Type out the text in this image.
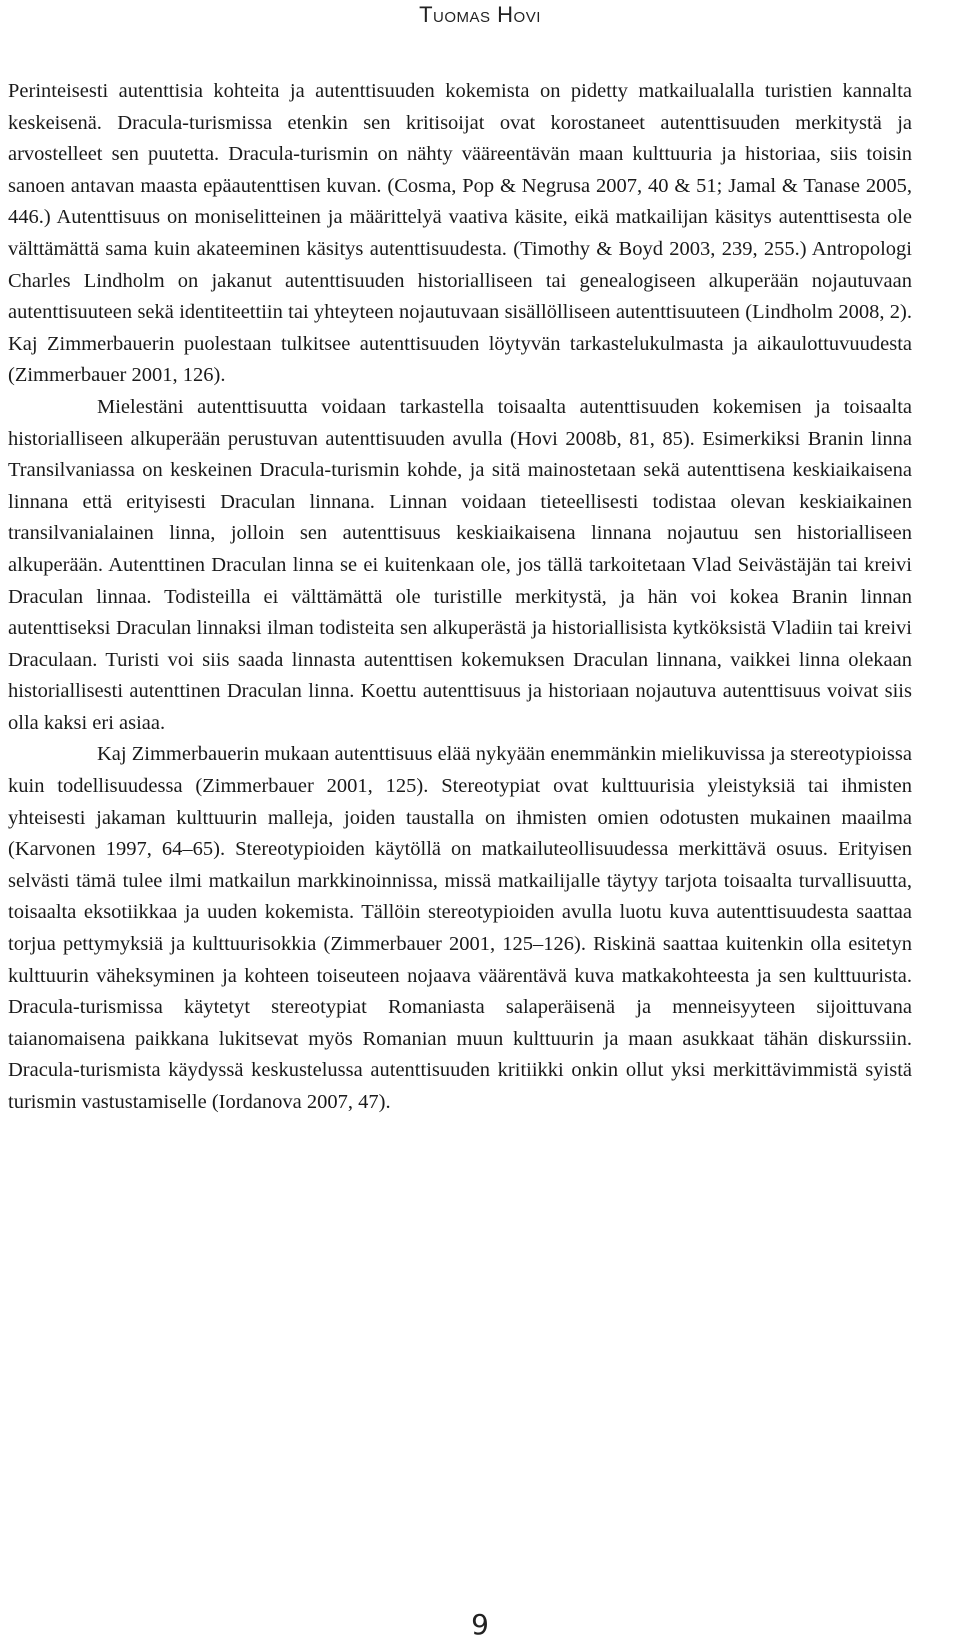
Tuomas Hovi

Perinteisesti autenttisia kohteita ja autenttisuuden kokemista on pidetty matkailualalla turistien kannalta keskeisenä. Dracula-turismissa etenkin sen kritisoijat ovat korostaneet autenttisuuden merkitystä ja arvostelleet sen puutetta. Dracula-turismin on nähty vääreentävän maan kulttuuria ja historiaa, siis toisin sanoen antavan maasta epäautenttisen kuvan. (Cosma, Pop & Negrusa 2007, 40 & 51; Jamal & Tanase 2005, 446.) Autenttisuus on moniselitteinen ja määrittelyä vaativa käsite, eikä matkailijan käsitys autenttisesta ole välttämättä sama kuin akateeminen käsitys autenttisuudesta. (Timothy & Boyd 2003, 239, 255.) Antropologi Charles Lindholm on jakanut autenttisuuden historialliseen tai genealogiseen alkuperään nojautuvaan autenttisuuteen sekä identiteettiin tai yhteyteen nojautuvaan sisällölliseen autenttisuuteen (Lindholm 2008, 2). Kaj Zimmerbauerin puolestaan tulkitsee autenttisuuden löytyvän tarkastelukulmasta ja aikaulottuvuudesta (Zimmerbauer 2001, 126).

Mielestäni autenttisuutta voidaan tarkastella toisaalta autenttisuuden kokemisen ja toisaalta historialliseen alkuperään perustuvan autenttisuuden avulla (Hovi 2008b, 81, 85). Esimerkiksi Branin linna Transilvaniassa on keskeinen Dracula-turismin kohde, ja sitä mainostetaan sekä autenttisena keskiaikaisena linnana että erityisesti Draculan linnana. Linnan voidaan tieteellisesti todistaa olevan keskiaikainen transilvanialainen linna, jolloin sen autenttisuus keskiaikaisena linnana nojautuu sen historialliseen alkuperään. Autenttinen Draculan linna se ei kuitenkaan ole, jos tällä tarkoitetaan Vlad Seivästäjän tai kreivi Draculan linnaa. Todisteilla ei välttämättä ole turistille merkitystä, ja hän voi kokea Branin linnan autenttiseksi Draculan linnaksi ilman todisteita sen alkuperästä ja historiallisista kytköksistä Vladiin tai kreivi Draculaan. Turisti voi siis saada linnasta autenttisen kokemuksen Draculan linnana, vaikkei linna olekaan historiallisesti autenttinen Draculan linna. Koettu autenttisuus ja historiaan nojautuva autenttisuus voivat siis olla kaksi eri asiaa.

Kaj Zimmerbauerin mukaan autenttisuus elää nykyään enemmänkin mielikuvissa ja stereotypioissa kuin todellisuudessa (Zimmerbauer 2001, 125). Stereotypiat ovat kulttuurisia yleistyksiä tai ihmisten yhteisesti jakaman kulttuurin malleja, joiden taustalla on ihmisten omien odotusten mukainen maailma (Karvonen 1997, 64–65). Stereotypioiden käytöllä on matkailuteollisuudessa merkittävä osuus. Erityisen selvästi tämä tulee ilmi matkailun markkinoinnissa, missä matkailijalle täytyy tarjota toisaalta turvallisuutta, toisaalta eksotiikkaa ja uuden kokemista. Tällöin stereotypioiden avulla luotu kuva autenttisuudesta saattaa torjua pettymyksiä ja kulttuurisokkia (Zimmerbauer 2001, 125–126). Riskinä saattaa kuitenkin olla esitetyn kulttuurin väheksyminen ja kohteen toiseuteen nojaava väärentävä kuva matkakohteesta ja sen kulttuurista. Dracula-turismissa käytetyt stereotypiat Romaniasta salaperäisenä ja menneisyyteen sijoittuvana taianomaisena paikkana lukitsevat myös Romanian muun kulttuurin ja maan asukkaat tähän diskurssiin. Dracula-turismista käydyssä keskustelussa autenttisuuden kritiikki onkin ollut yksi merkittävimmistä syistä turismin vastustamiselle (Iordanova 2007, 47).

9
